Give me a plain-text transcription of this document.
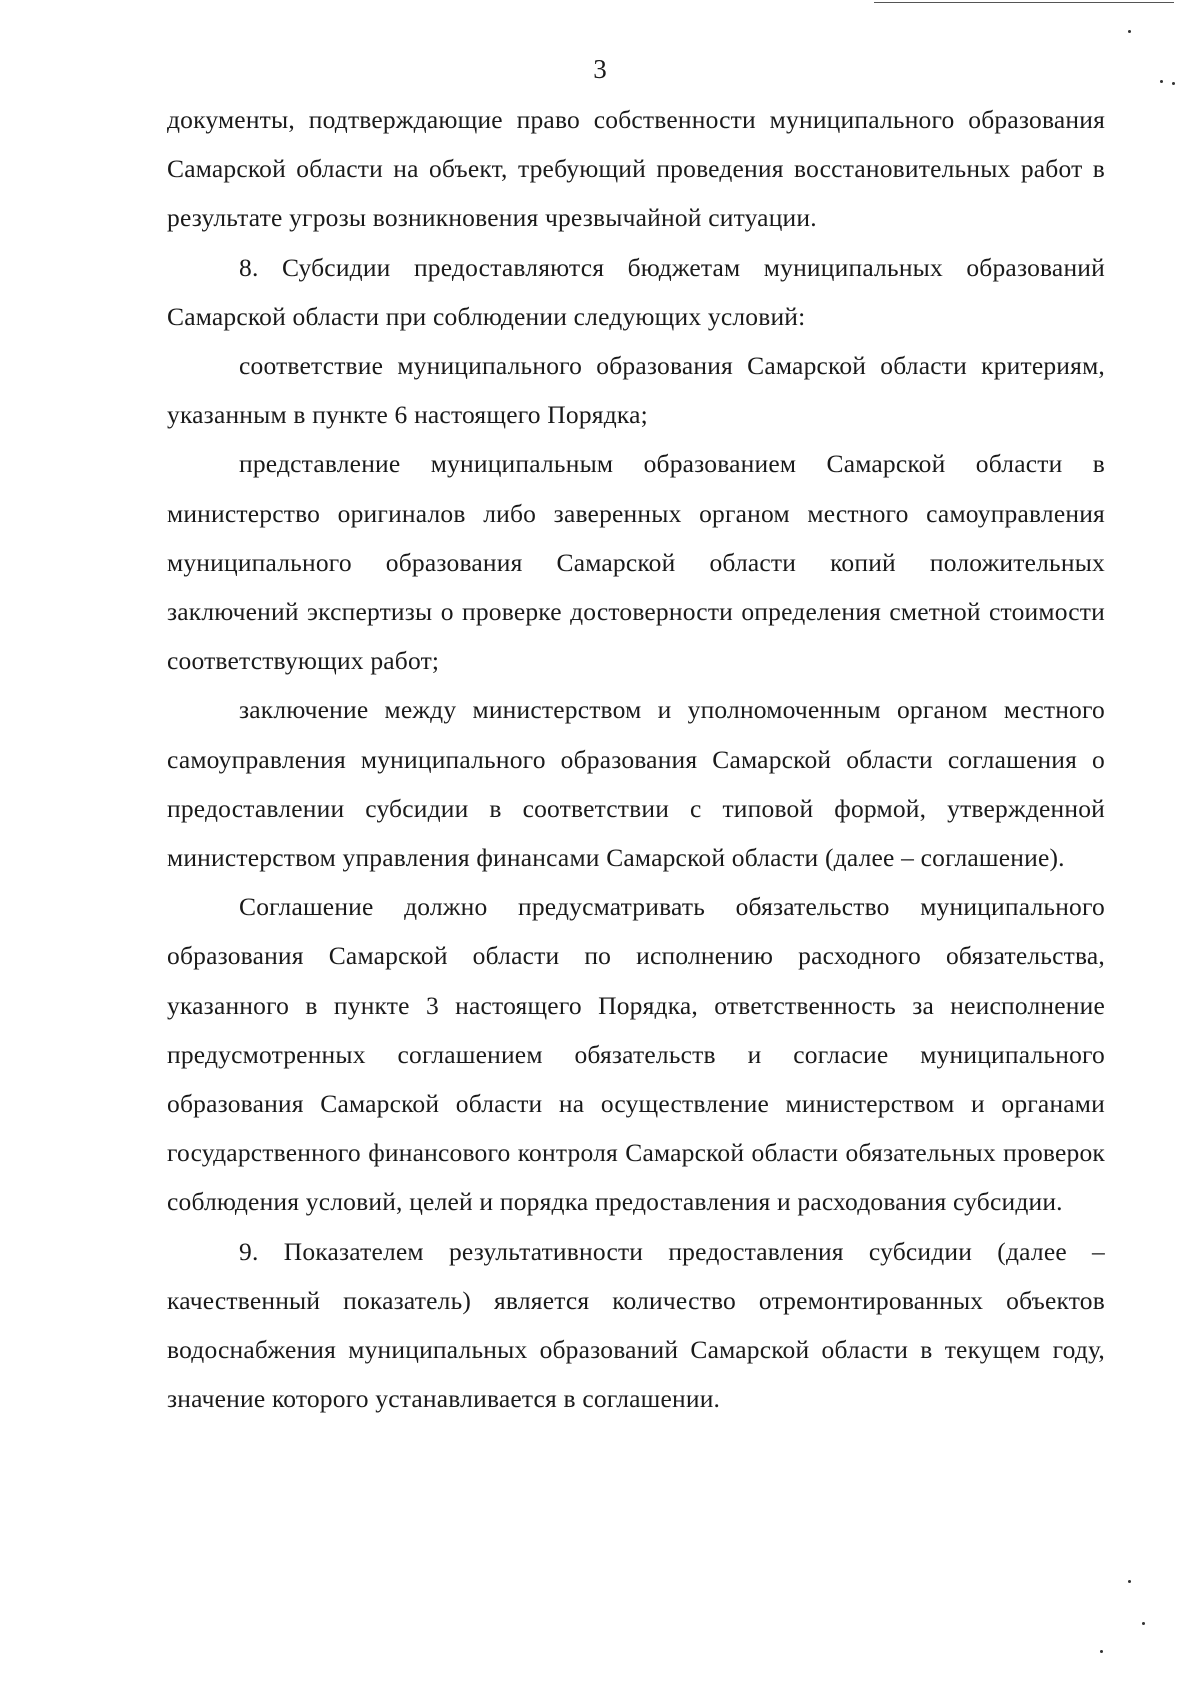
3

документы, подтверждающие право собственности муниципального образования Самарской области на объект, требующий проведения восстановительных работ в результате угрозы возникновения чрезвычайной ситуации.

8. Субсидии предоставляются бюджетам муниципальных образований Самарской области при соблюдении следующих условий:

соответствие муниципального образования Самарской области критериям, указанным в пункте 6 настоящего Порядка;

представление муниципальным образованием Самарской области в министерство оригиналов либо заверенных органом местного самоуправления муниципального образования Самарской области копий положительных заключений экспертизы о проверке достоверности определения сметной стоимости соответствующих работ;

заключение между министерством и уполномоченным органом местного самоуправления муниципального образования Самарской области соглашения о предоставлении субсидии в соответствии с типовой формой, утвержденной министерством управления финансами Самарской области (далее – соглашение).

Соглашение должно предусматривать обязательство муниципального образования Самарской области по исполнению расходного обязательства, указанного в пункте 3 настоящего Порядка, ответственность за неисполнение предусмотренных соглашением обязательств и согласие муниципального образования Самарской области на осуществление министерством и органами государственного финансового контроля Самарской области обязательных проверок соблюдения условий, целей и порядка предоставления и расходования субсидии.

9. Показателем результативности предоставления субсидии (далее – качественный показатель) является количество отремонтированных объектов водоснабжения муниципальных образований Самарской области в текущем году, значение которого устанавливается в соглашении.
